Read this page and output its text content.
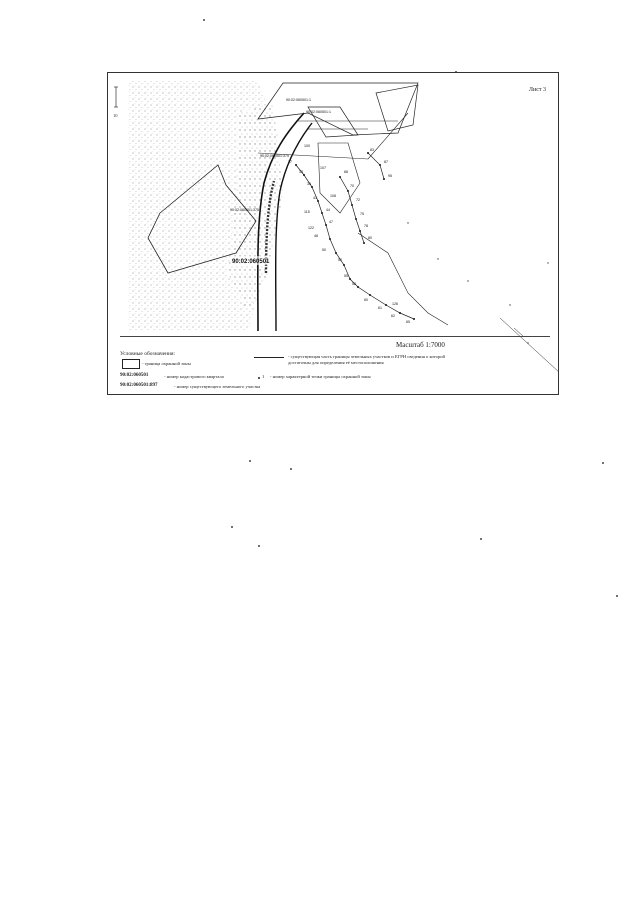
10
27
33
35
41
44
47
48
50
52
55
58
60
61
62
65
68
70
72
75
78
80
83
87
95
100
107
108
115
122
126
90:02:060501:375
90:02:060501:1
90:02:060501:375
90:02:060501:1
90:02:060501
Лист 3
Масштаб 1:7000
Условные обозначения:
- граница охранной зоны
- существующая часть границы земельных участков и ЕГРН сведения о которой достаточны для определения её местоположения
90:02:060501	- номер кадастрового квартала	1 - номер характерной точки границы охранной зоны
90:02:060501:897	- номер существующего земельного участка
